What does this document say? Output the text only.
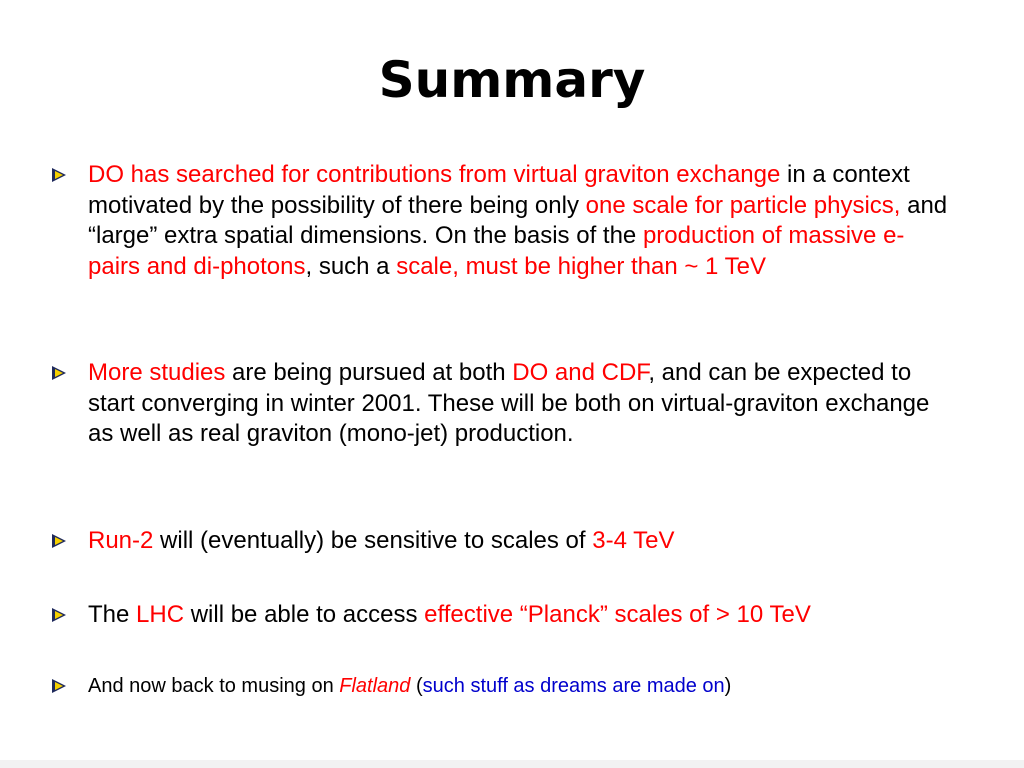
Summary
DO has searched for contributions from virtual graviton exchange in a context motivated by the possibility of there being only one scale for particle physics, and “large” extra spatial dimensions. On the basis of the production of massive e-pairs and di-photons, such a scale, must be higher than ~ 1 TeV
More studies are being pursued at both DO and CDF, and can be expected to start converging in winter 2001. These will be both on virtual-graviton exchange as well as real graviton (mono-jet) production.
Run-2 will (eventually) be sensitive to scales of 3-4 TeV
The LHC will be able to access effective “Planck” scales of > 10 TeV
And now back to musing on Flatland (such stuff as dreams are made on)
